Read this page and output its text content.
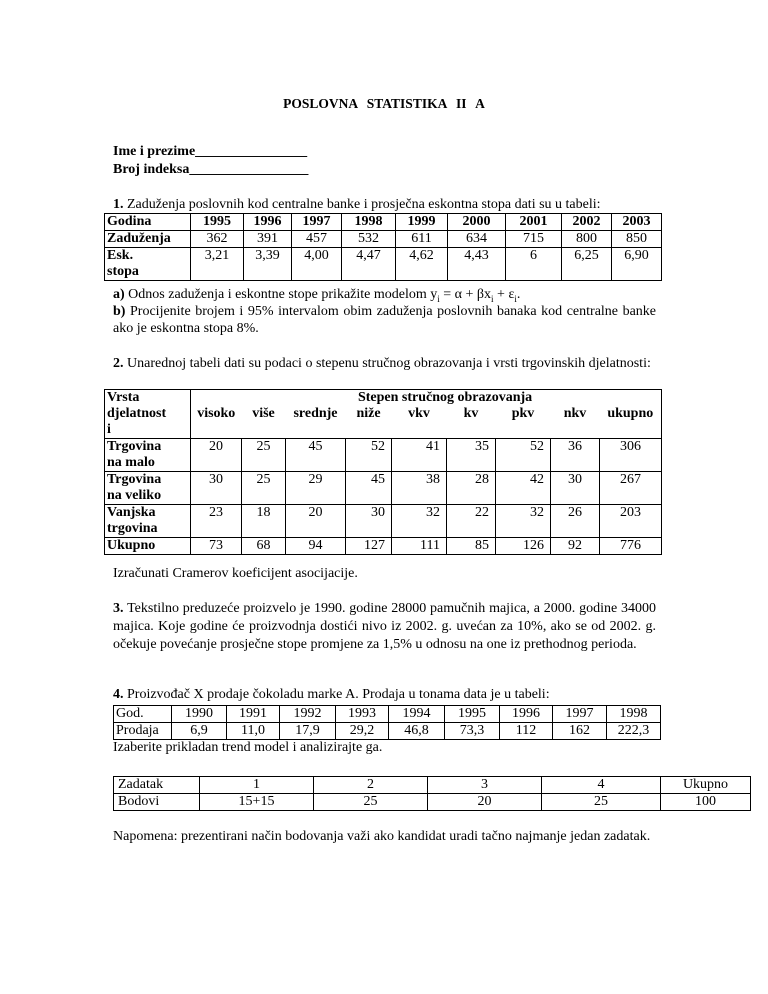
POSLOVNA STATISTIKA II A
Ime i prezime________________
Broj indeksa_________________
1. Zaduženja poslovnih kod centralne banke i prosječna eskontna stopa dati su u tabeli:
Godina	1995	1996	1997	1998	1999	2000	2001	2002	2003
Zaduženja	362	391	457	532	611	634	715	800	850
Esk.
stopa	3,21	3,39	4,00	4,47	4,62	4,43	6	6,25	6,90
a) Odnos zaduženja i eskontne stope prikažite modelom $y_i = \alpha + \beta x_i + \varepsilon_i$.
b) Procijenite brojem i 95% intervalom obim zaduženja poslovnih banaka kod centralne banke ako je eskontna stopa 8%.
2. Unarednoj tabeli dati su podaci o stepenu stručnog obrazovanja i vrsti trgovinskih djelatnosti:
Vrsta	Stepen stručnog obrazovanja								
djelatnost	visoko	više	srednje	niže	vkv	kv	pkv	nkv	ukupno
i									
Trgovina	20	25	45	52	41	35	52	36	306
na malo									
Trgovina	30	25	29	45	38	28	42	30	267
na veliko									
Vanjska	23	18	20	30	32	22	32	26	203
trgovina									
Ukupno	73	68	94	127	111	85	126	92	776
Izračunati Cramerov koeficijent asocijacije.
3. Tekstilno preduzeće proizvelo je 1990. godine 28000 pamučnih majica, a 2000. godine 34000 majica. Koje godine će proizvodnja dostići nivo iz 2002. g. uvećan za 10%, ako se od 2002. g. očekuje povećanje prosječne stope promjene za 1,5% u odnosu na one iz prethodnog perioda.
4. Proizvođač X prodaje čokoladu marke A. Prodaja u tonama data je u tabeli:
God.	1990	1991	1992	1993	1994	1995	1996	1997	1998
Prodaja	6,9	11,0	17,9	29,2	46,8	73,3	112	162	222,3
Izaberite prikladan trend model i analizirajte ga.
Zadatak	1	2	3	4	Ukupno
Bodovi	15+15	25	20	25	100
Napomena: prezentirani način bodovanja važi ako kandidat uradi tačno najmanje jedan zadatak.
